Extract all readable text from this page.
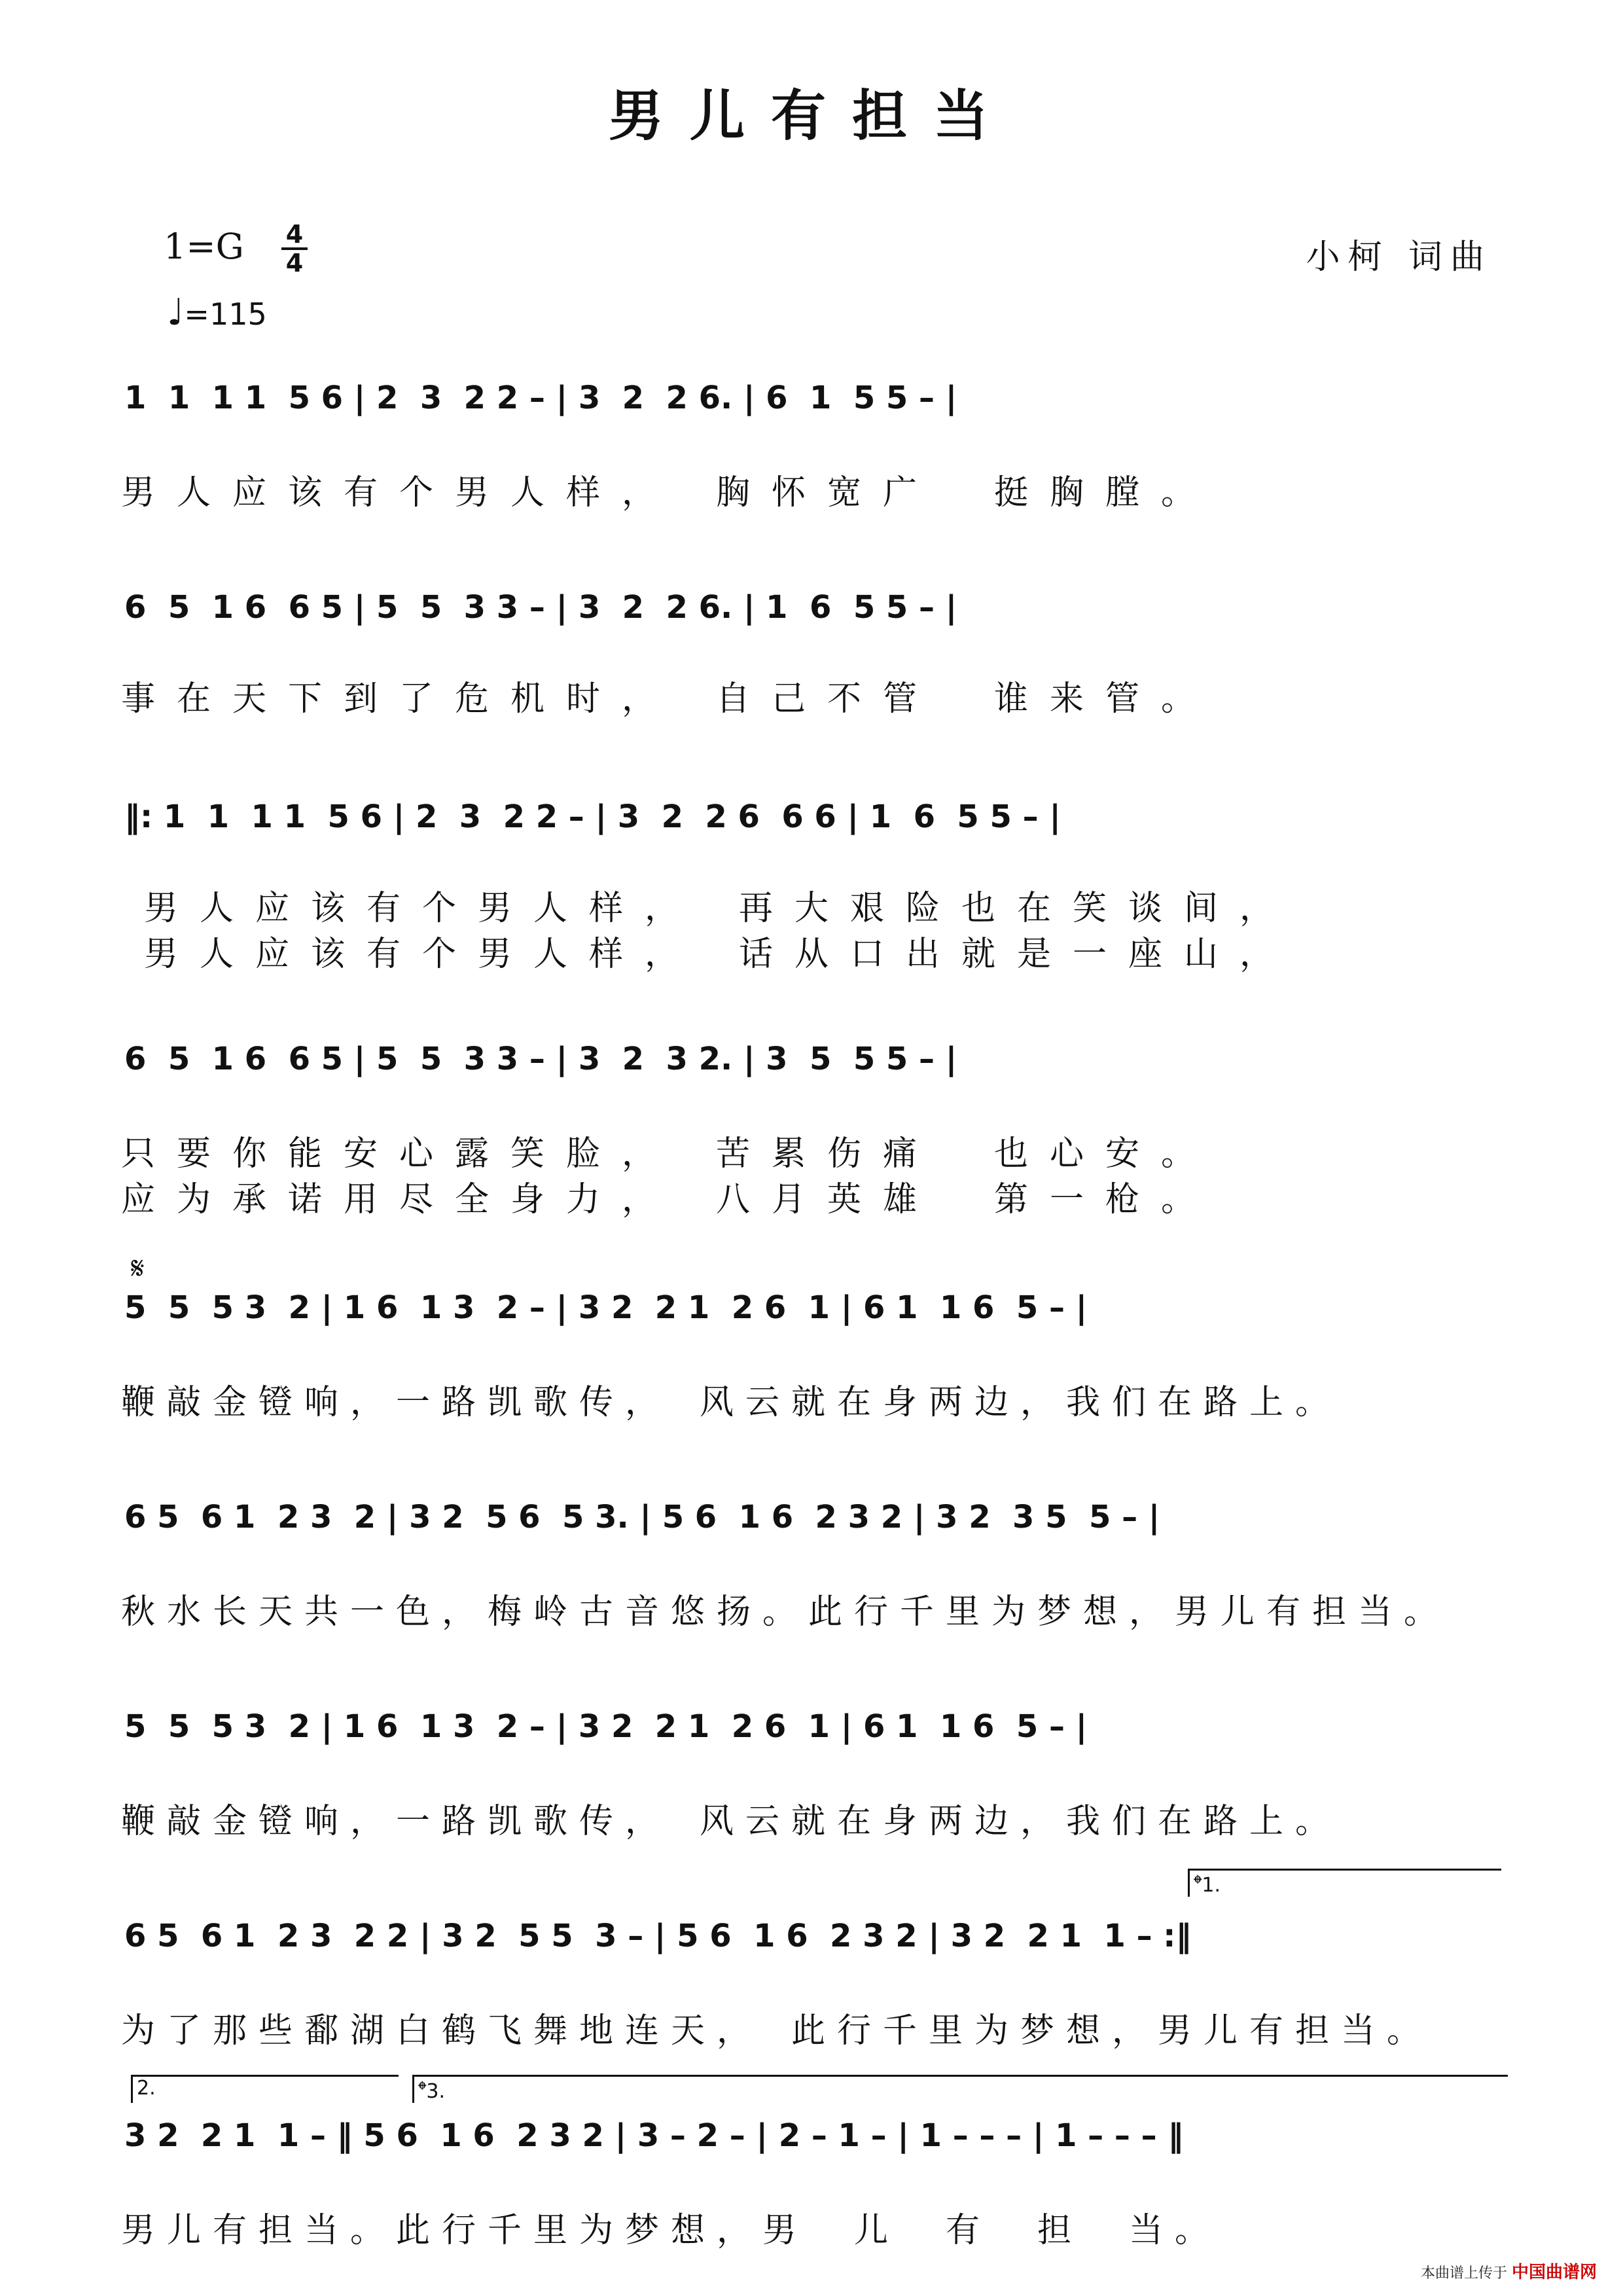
男儿有担当
1=G 4
4
♩=115
小柯 词曲
1  1  1 1  5 6 | 2  3  2 2 – | 3  2  2 6. | 6  1  5 5 – |
男人应该有个男人样，　胸怀宽广　挺胸膛。
6  5  1 6  6 5 | 5  5  3 3 – | 3  2  2 6. | 1  6  5 5 – |
事在天下到了危机时，　自己不管　谁来管。
‖: 1  1  1 1  5 6 | 2  3  2 2 – | 3  2  2 6  6 6 | 1  6  5 5 – |
男人应该有个男人样，　再大艰险也在笑谈间，
男人应该有个男人样，　话从口出就是一座山，
6  5  1 6  6 5 | 5  5  3 3 – | 3  2  3 2. | 3  5  5 5 – |
只要你能安心露笑脸，　苦累伤痛　也心安。
应为承诺用尽全身力，　八月英雄　第一枪。
𝄋
5  5  5 3  2 | 1 6  1 3  2 – | 3 2  2 1  2 6  1 | 6 1  1 6  5 – |
鞭敲金镫响，一路凯歌传，　风云就在身两边，我们在路上。
6 5  6 1  2 3  2 | 3 2  5 6  5 3. | 5 6  1 6  2 3 2 | 3 2  3 5  5 – |
秋水长天共一色，梅岭古音悠扬。此行千里为梦想，男儿有担当。
5  5  5 3  2 | 1 6  1 3  2 – | 3 2  2 1  2 6  1 | 6 1  1 6  5 – |
鞭敲金镫响，一路凯歌传，　风云就在身两边，我们在路上。
𝄌1.
6 5  6 1  2 3  2 2 | 3 2  5 5  3 – | 5 6  1 6  2 3 2 | 3 2  2 1  1 – :‖
为了那些鄱湖白鹤飞舞地连天，　此行千里为梦想，男儿有担当。
2.	𝄌3.
3 2  2 1  1 – ‖ 5 6  1 6  2 3 2 | 3 – 2 – | 2 – 1 – | 1 – – – | 1 – – – ‖
男儿有担当。此行千里为梦想，男　儿　有　担　当。
本曲谱上传于 中国曲谱网
